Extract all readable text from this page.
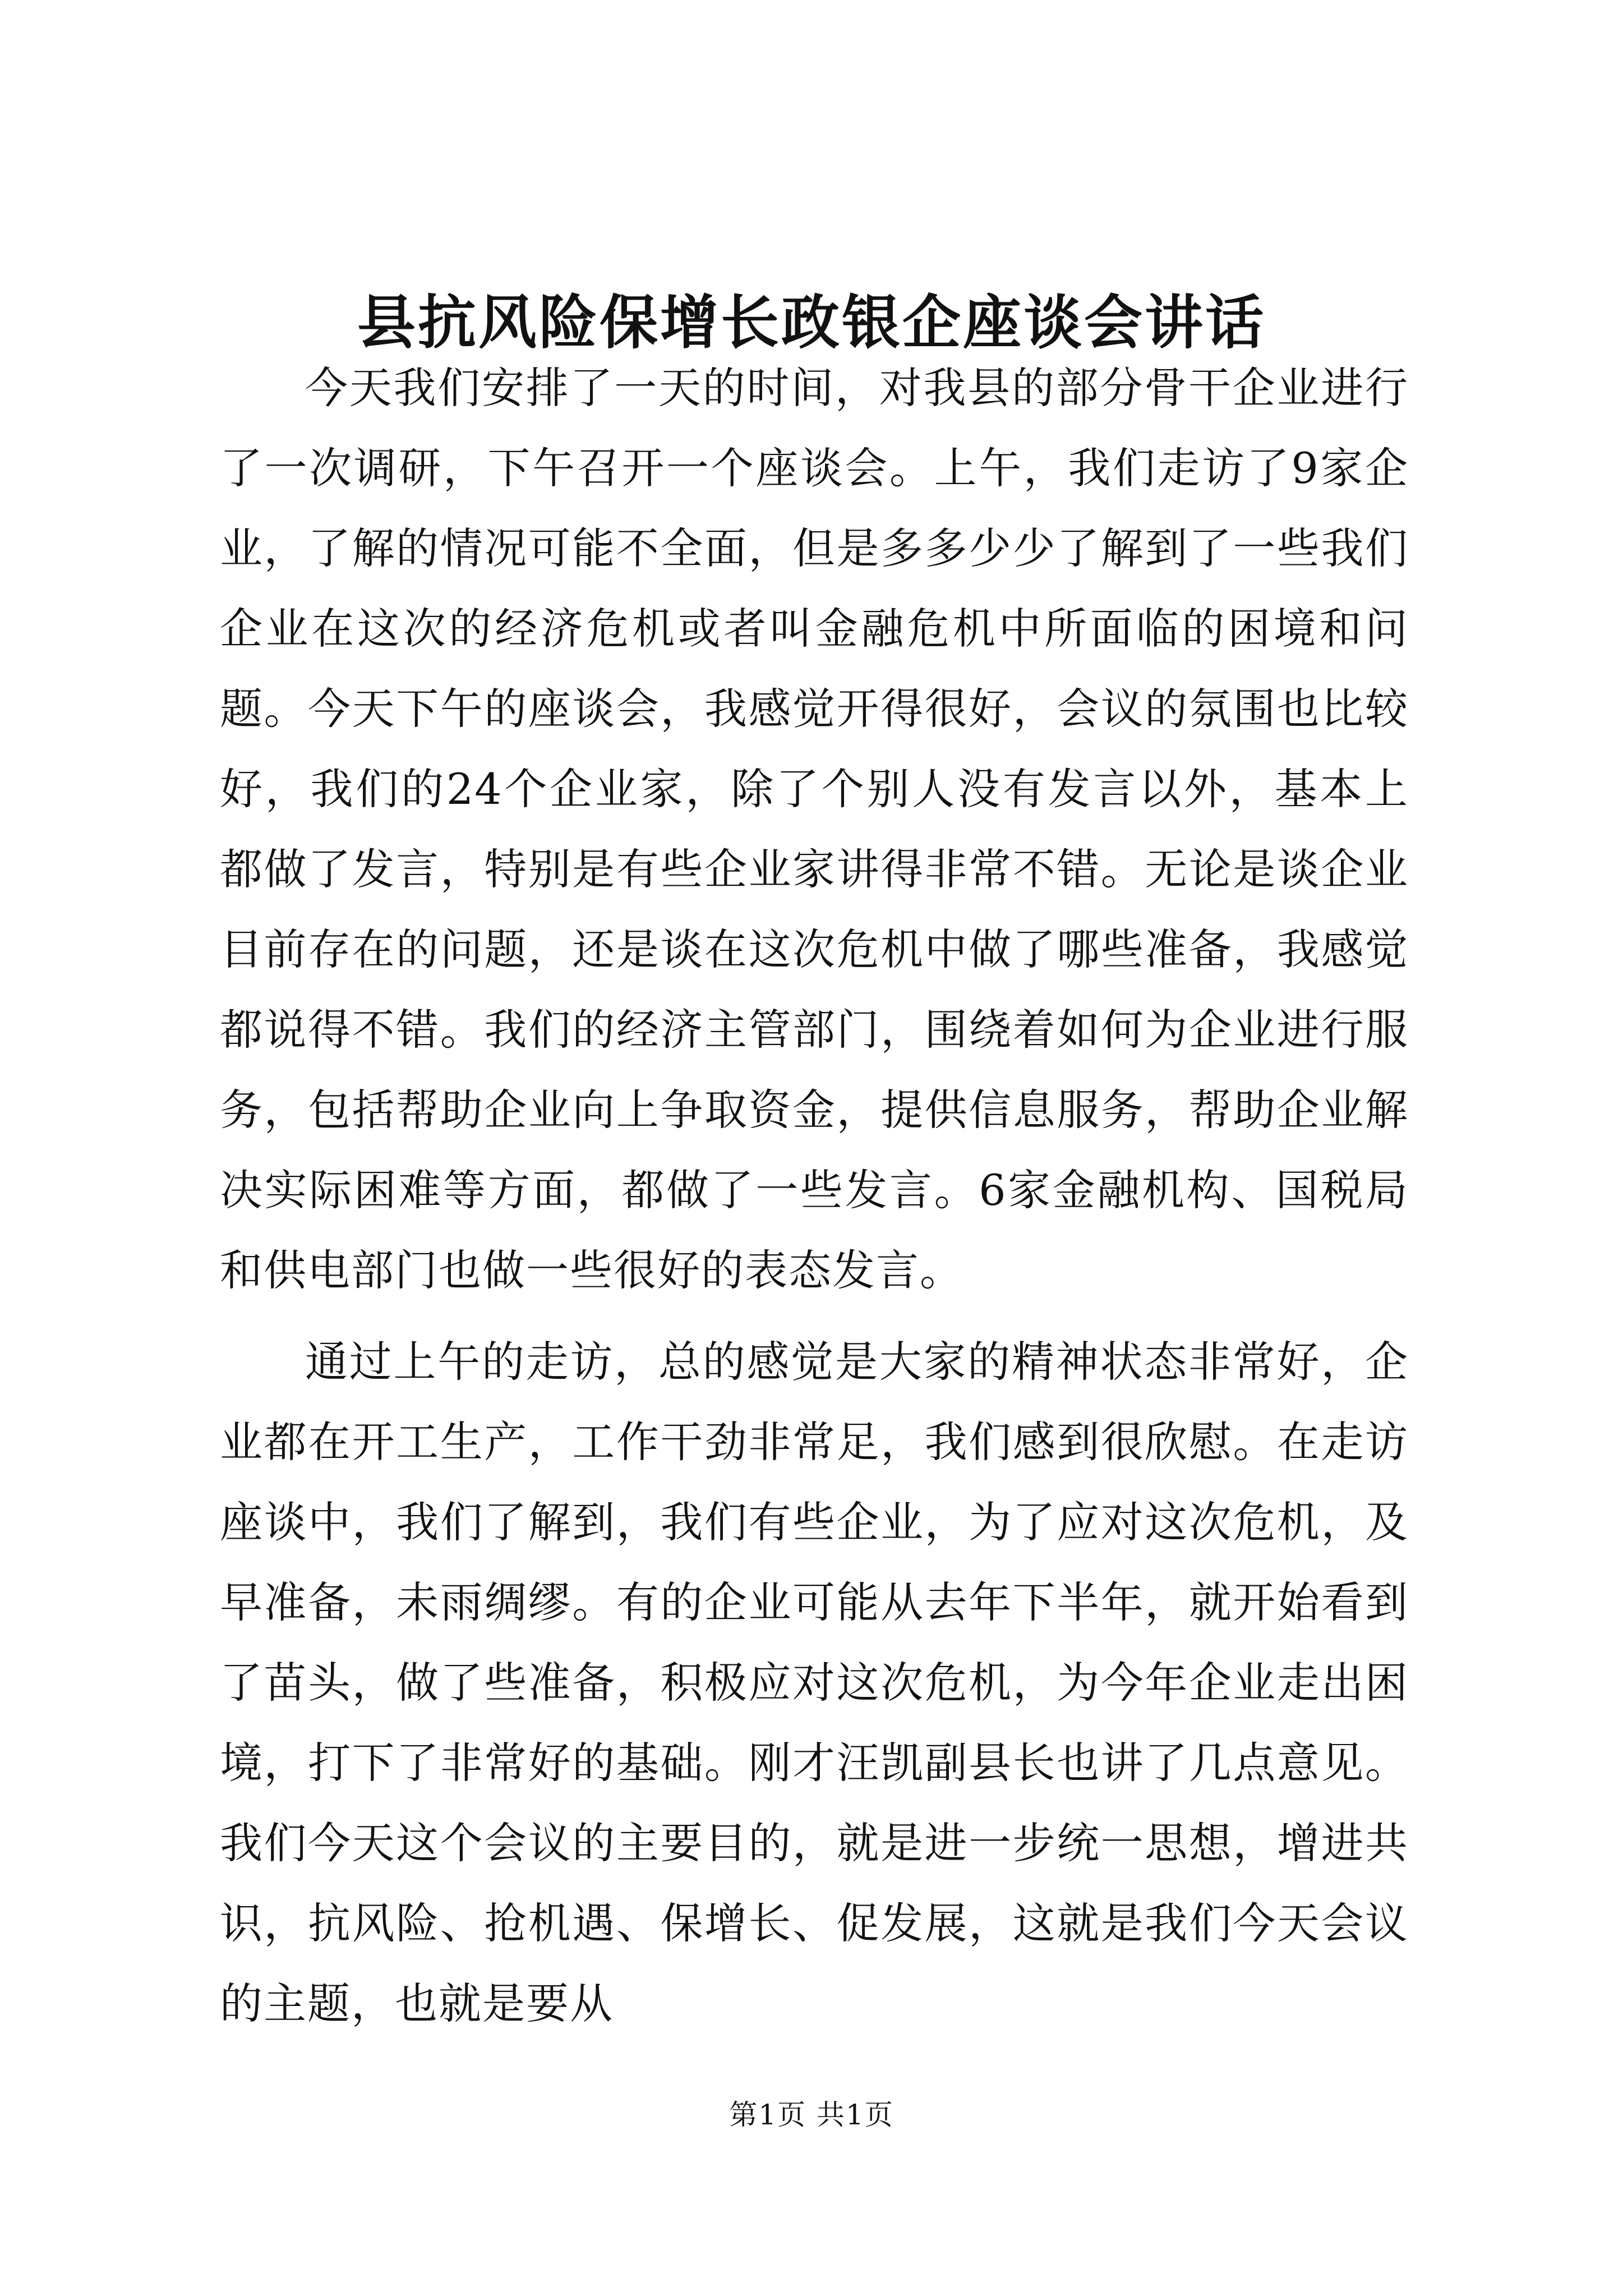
县抗风险保增长政银企座谈会讲话

今天我们安排了一天的时间，对我县的部分骨干企业进行了一次调研，下午召开一个座谈会。上午，我们走访了9家企业，了解的情况可能不全面，但是多多少少了解到了一些我们企业在这次的经济危机或者叫金融危机中所面临的困境和问题。今天下午的座谈会，我感觉开得很好，会议的氛围也比较好，我们的24个企业家，除了个别人没有发言以外，基本上都做了发言，特别是有些企业家讲得非常不错。无论是谈企业目前存在的问题，还是谈在这次危机中做了哪些准备，我感觉都说得不错。我们的经济主管部门，围绕着如何为企业进行服务，包括帮助企业向上争取资金，提供信息服务，帮助企业解决实际困难等方面，都做了一些发言。6家金融机构、国税局和供电部门也做一些很好的表态发言。

通过上午的走访，总的感觉是大家的精神状态非常好，企业都在开工生产，工作干劲非常足，我们感到很欣慰。在走访座谈中，我们了解到，我们有些企业，为了应对这次危机，及早准备，未雨绸缪。有的企业可能从去年下半年，就开始看到了苗头，做了些准备，积极应对这次危机，为今年企业走出困境，打下了非常好的基础。刚才汪凯副县长也讲了几点意见。我们今天这个会议的主要目的，就是进一步统一思想，增进共识，抗风险、抢机遇、保增长、促发展，这就是我们今天会议的主题，也就是要从

第1页 共1页
